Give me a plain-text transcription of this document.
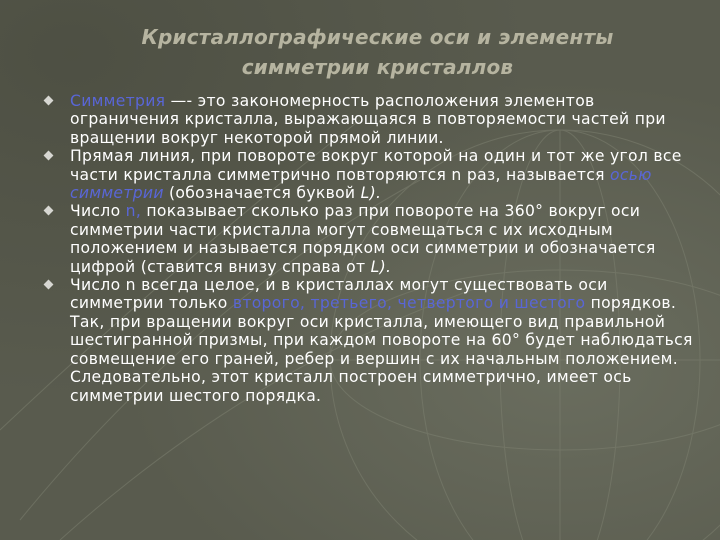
Кристаллографические оси и элементы
симметрии кристаллов

Симметрия —- это закономерность расположения элементов ограничения кристалла, выражающаяся в повторяемости частей при вращении вокруг некоторой прямой линии.

Прямая линия, при повороте вокруг которой на один и тот же угол все части кристалла симметрично повторяются n раз, называется осью симметрии (обозначается буквой L).

Число n, показывает сколько раз при повороте на 360° вокруг оси симметрии части кристалла могут совмещаться с их исходным положением и называется порядком оси симметрии и обозначается цифрой (ставится внизу справа от L).

Число n всегда целое, и в кристаллах могут существовать оси симметрии только второго, третьего, четвертого и шестого порядков. Так, при вращении вокруг оси кристалла, имеющего вид правильной шестигранной призмы, при каждом повороте на 60° будет наблюдаться совмещение его граней, ребер и вершин с их начальным положением. Следовательно, этот кристалл построен симметрично, имеет ось симметрии шестого порядка.
